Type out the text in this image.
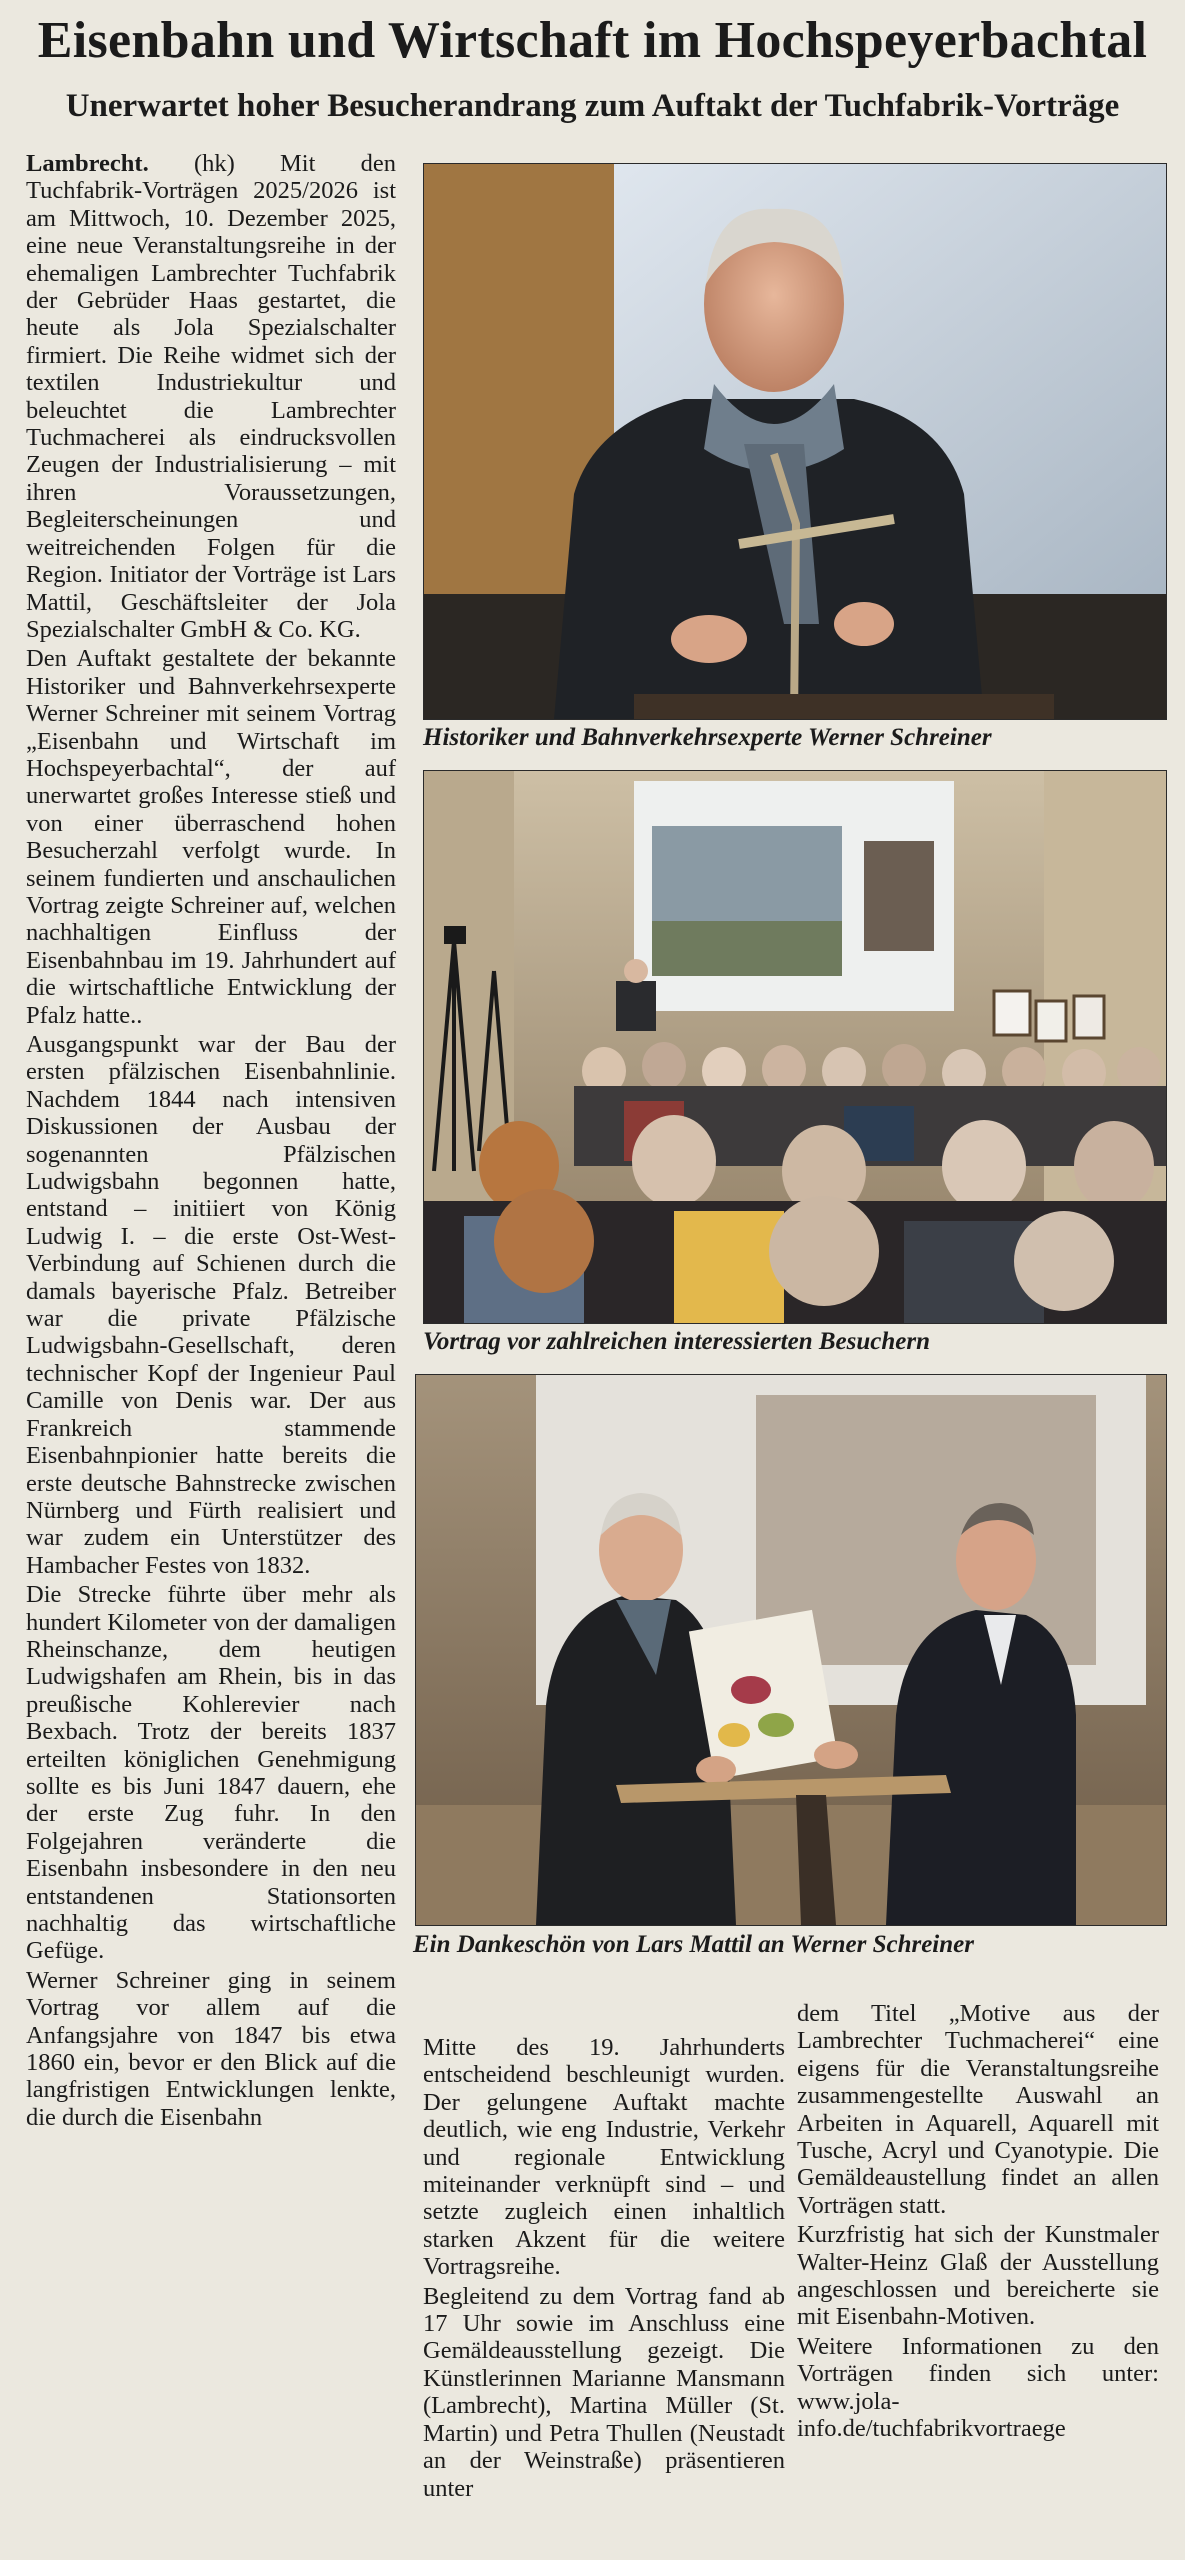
Eisenbahn und Wirtschaft im Hochspeyerbachtal
Unerwartet hoher Besucherandrang zum Auftakt der Tuchfabrik-Vorträge

Lambrecht. (hk) Mit den Tuchfabrik-Vorträgen 2025/2026 ist am Mittwoch, 10. Dezember 2025, eine neue Veranstaltungsreihe in der ehemaligen Lambrechter Tuchfabrik der Gebrüder Haas gestartet, die heute als Jola Spezialschalter firmiert. Die Reihe widmet sich der textilen Industriekultur und beleuchtet die Lambrechter Tuchmacherei als eindrucksvollen Zeugen der Industrialisierung – mit ihren Voraussetzungen, Begleiterscheinungen und weitreichenden Folgen für die Region. Initiator der Vorträge ist Lars Mattil, Geschäftsleiter der Jola Spezialschalter GmbH & Co. KG.

Den Auftakt gestaltete der bekannte Historiker und Bahnverkehrsexperte Werner Schreiner mit seinem Vortrag „Eisenbahn und Wirtschaft im Hochspeyerbachtal“, der auf unerwartet großes Interesse stieß und von einer überraschend hohen Besucherzahl verfolgt wurde. In seinem fundierten und anschaulichen Vortrag zeigte Schreiner auf, welchen nachhaltigen Einfluss der Eisenbahnbau im 19. Jahrhundert auf die wirtschaftliche Entwicklung der Pfalz hatte..

Ausgangspunkt war der Bau der ersten pfälzischen Eisenbahnlinie. Nachdem 1844 nach intensiven Diskussionen der Ausbau der sogenannten Pfälzischen Ludwigsbahn begonnen hatte, entstand – initiiert von König Ludwig I. – die erste Ost-West-Verbindung auf Schienen durch die damals bayerische Pfalz. Betreiber war die private Pfälzische Ludwigsbahn-Gesellschaft, deren technischer Kopf der Ingenieur Paul Camille von Denis war. Der aus Frankreich stammende Eisenbahnpionier hatte bereits die erste deutsche Bahnstrecke zwischen Nürnberg und Fürth realisiert und war zudem ein Unterstützer des Hambacher Festes von 1832.

Die Strecke führte über mehr als hundert Kilometer von der damaligen Rheinschanze, dem heutigen Ludwigshafen am Rhein, bis in das preußische Kohlerevier nach Bexbach. Trotz der bereits 1837 erteilten königlichen Genehmigung sollte es bis Juni 1847 dauern, ehe der erste Zug fuhr. In den Folgejahren veränderte die Eisenbahn insbesondere in den neu entstandenen Stationsorten nachhaltig das wirtschaftliche Gefüge.

Werner Schreiner ging in seinem Vortrag vor allem auf die Anfangsjahre von 1847 bis etwa 1860 ein, bevor er den Blick auf die langfristigen Entwicklungen lenkte, die durch die Eisenbahn

Historiker und Bahnverkehrsexperte Werner Schreiner
Vortrag vor zahlreichen interessierten Besuchern
Ein Dankeschön von Lars Mattil an Werner Schreiner

Mitte des 19. Jahrhunderts entscheidend beschleunigt wurden. Der gelungene Auftakt machte deutlich, wie eng Industrie, Verkehr und regionale Entwicklung miteinander verknüpft sind – und setzte zugleich einen inhaltlich starken Akzent für die weitere Vortragsreihe.

Begleitend zu dem Vortrag fand ab 17 Uhr sowie im Anschluss eine Gemäldeausstellung gezeigt. Die Künstlerinnen Marianne Mansmann (Lambrecht), Martina Müller (St. Martin) und Petra Thullen (Neustadt an der Weinstraße) präsentieren unter

dem Titel „Motive aus der Lambrechter Tuchmacherei“ eine eigens für die Veranstaltungsreihe zusammengestellte Auswahl an Arbeiten in Aquarell, Aquarell mit Tusche, Acryl und Cyanotypie. Die Gemäldeaustellung findet an allen Vorträgen statt.

Kurzfristig hat sich der Kunstmaler Walter-Heinz Glaß der Ausstellung angeschlossen und bereicherte sie mit Eisenbahn-Motiven.

Weitere Informationen zu den Vorträgen finden sich unter: www.jola-info.de/tuchfabrikvortraege
